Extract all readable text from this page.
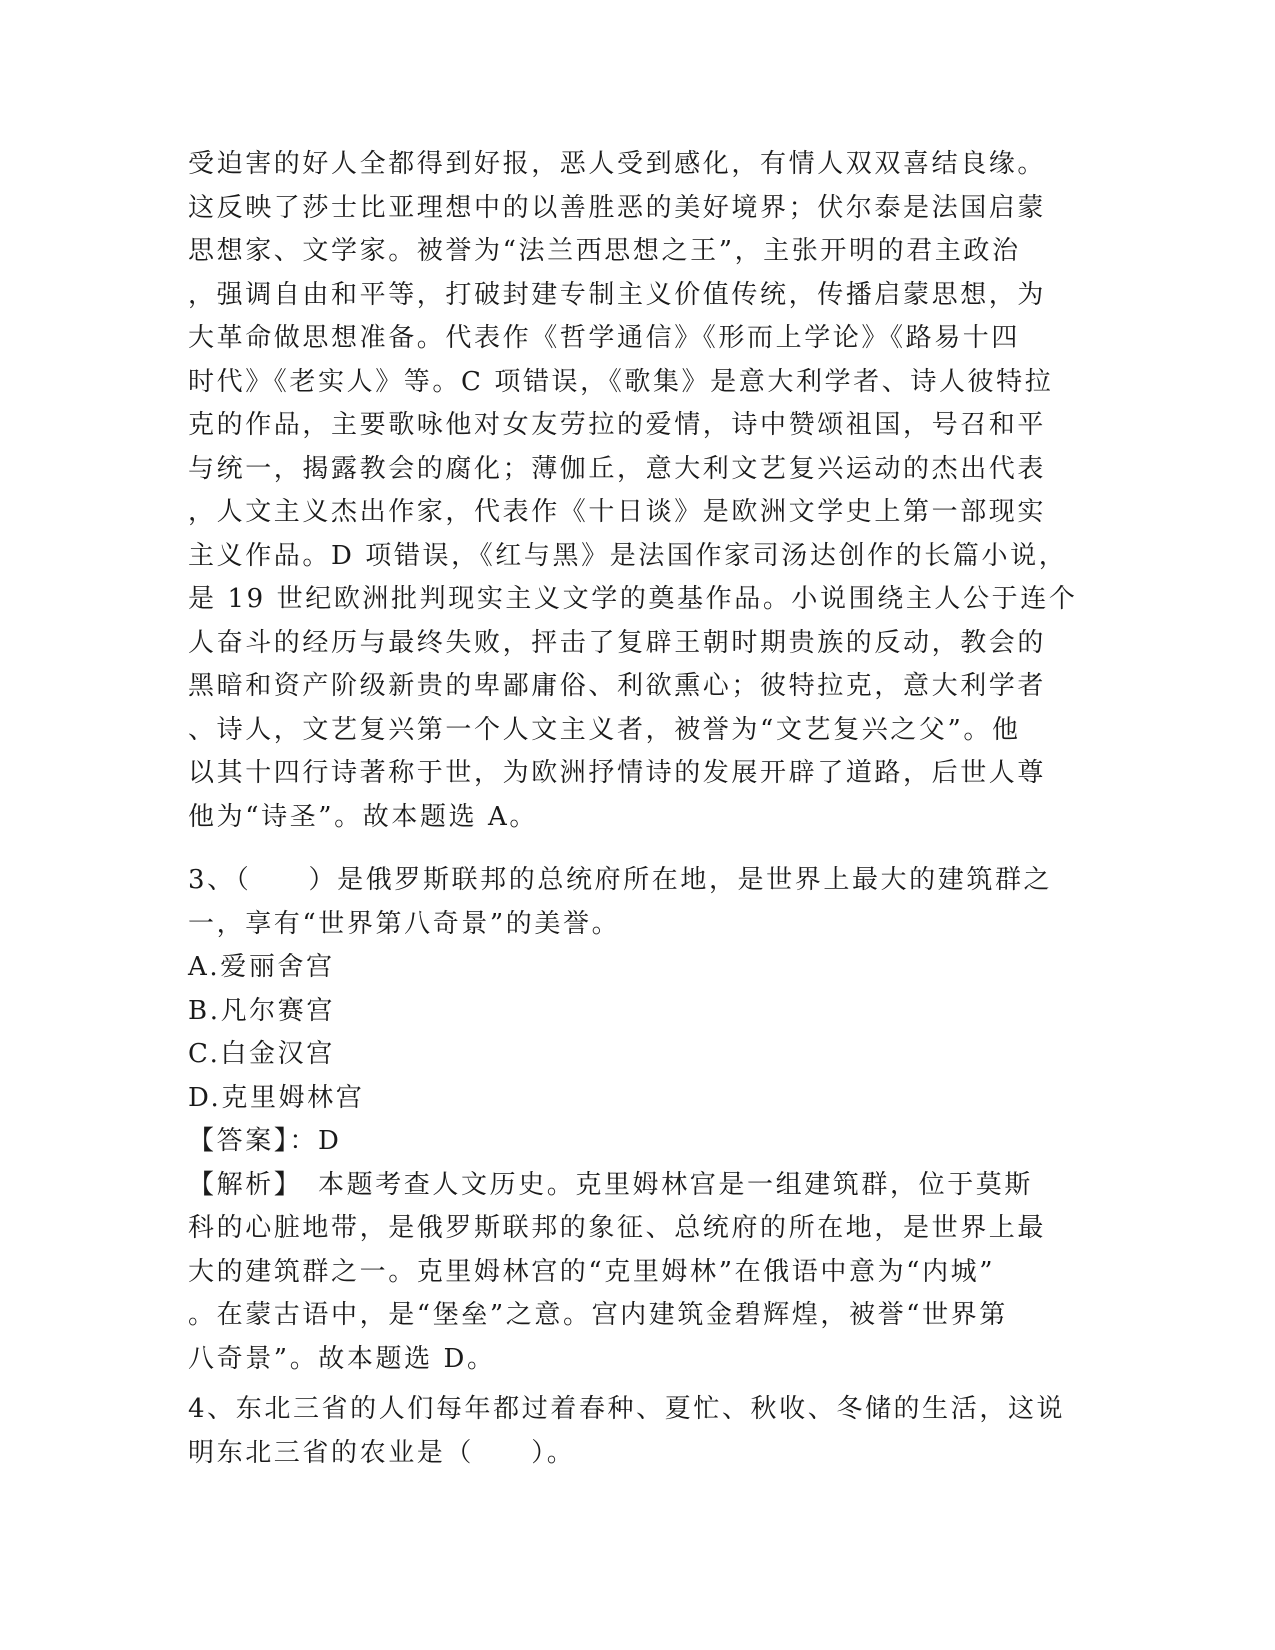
受迫害的好人全都得到好报，恶人受到感化，有情人双双喜结良缘。
这反映了莎士比亚理想中的以善胜恶的美好境界；伏尔泰是法国启蒙
思想家、文学家。被誉为“法兰西思想之王”，主张开明的君主政治
，强调自由和平等，打破封建专制主义价值传统，传播启蒙思想，为
大革命做思想准备。代表作《哲学通信》《形而上学论》《路易十四
时代》《老实人》等。C 项错误，《歌集》是意大利学者、诗人彼特拉
克的作品，主要歌咏他对女友劳拉的爱情，诗中赞颂祖国，号召和平
与统一，揭露教会的腐化；薄伽丘，意大利文艺复兴运动的杰出代表
，人文主义杰出作家，代表作《十日谈》是欧洲文学史上第一部现实
主义作品。D 项错误，《红与黑》是法国作家司汤达创作的长篇小说，
是 19 世纪欧洲批判现实主义文学的奠基作品。小说围绕主人公于连个
人奋斗的经历与最终失败，抨击了复辟王朝时期贵族的反动，教会的
黑暗和资产阶级新贵的卑鄙庸俗、利欲熏心；彼特拉克，意大利学者
、诗人，文艺复兴第一个人文主义者，被誉为“文艺复兴之父”。他
以其十四行诗著称于世，为欧洲抒情诗的发展开辟了道路，后世人尊
他为“诗圣”。故本题选 A。
3、（　　）是俄罗斯联邦的总统府所在地，是世界上最大的建筑群之
一，享有“世界第八奇景”的美誉。
A.爱丽舍宫
B.凡尔赛宫
C.白金汉宫
D.克里姆林宫
【答案】：D
【解析】　本题考查人文历史。克里姆林宫是一组建筑群，位于莫斯
科的心脏地带，是俄罗斯联邦的象征、总统府的所在地，是世界上最
大的建筑群之一。克里姆林宫的“克里姆林”在俄语中意为“内城”
。在蒙古语中，是“堡垒”之意。宫内建筑金碧辉煌，被誉“世界第
八奇景”。故本题选 D。
4、东北三省的人们每年都过着春种、夏忙、秋收、冬储的生活，这说
明东北三省的农业是（　　）。
